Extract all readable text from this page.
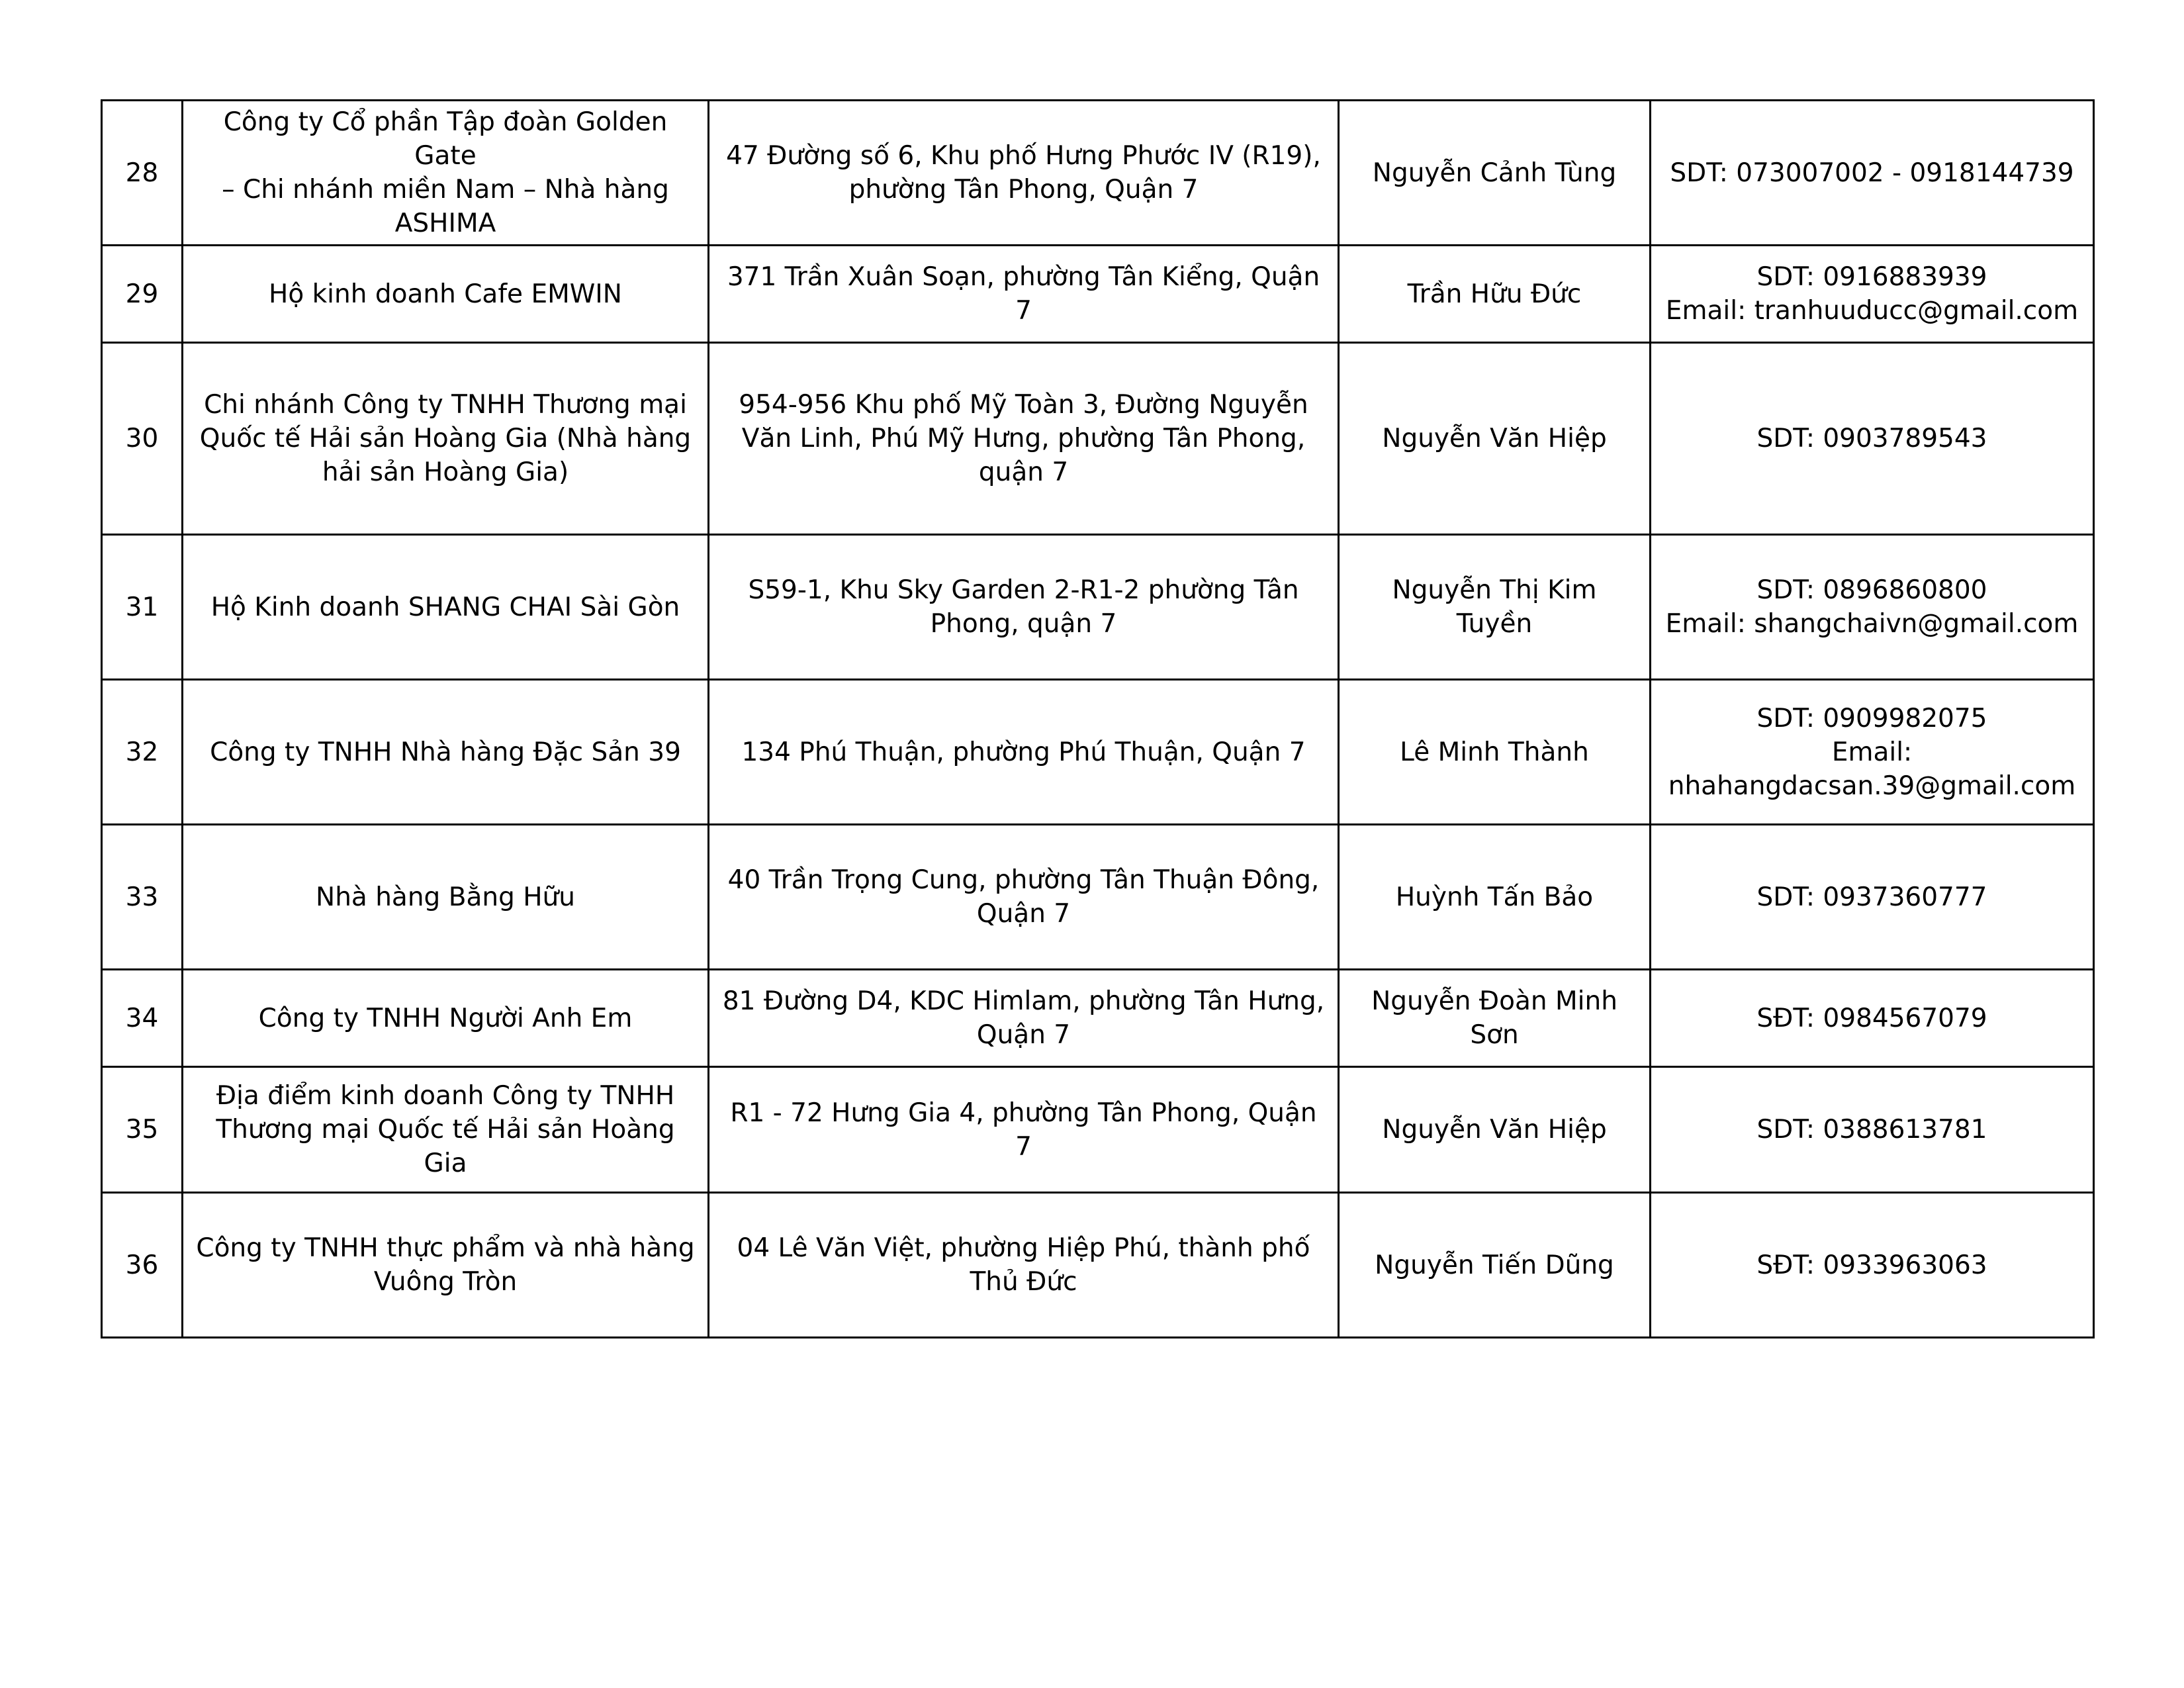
28	Công ty Cổ phần Tập đoàn Golden Gate
– Chi nhánh miền Nam – Nhà hàng
ASHIMA	47 Đường số 6, Khu phố Hưng Phước IV (R19),
phường Tân Phong, Quận 7	Nguyễn Cảnh Tùng	SDT: 073007002 - 0918144739
29	Hộ kinh doanh Cafe EMWIN	371 Trần Xuân Soạn, phường Tân Kiểng, Quận 7	Trần Hữu Đức	SDT: 0916883939
Email: tranhuuducc@gmail.com
30	Chi nhánh Công ty TNHH Thương mại
Quốc tế Hải sản Hoàng Gia (Nhà hàng
hải sản Hoàng Gia)	954-956 Khu phố Mỹ Toàn 3, Đường Nguyễn
Văn Linh, Phú Mỹ Hưng, phường Tân Phong,
quận 7	Nguyễn Văn Hiệp	SDT: 0903789543
31	Hộ Kinh doanh SHANG CHAI Sài Gòn	S59-1, Khu Sky Garden 2-R1-2 phường Tân
Phong, quận 7	Nguyễn Thị Kim Tuyền	SDT: 0896860800
Email: shangchaivn@gmail.com
32	Công ty TNHH Nhà hàng Đặc Sản 39	134 Phú Thuận, phường Phú Thuận, Quận 7	Lê Minh Thành	SDT: 0909982075
Email:
nhahangdacsan.39@gmail.com
33	Nhà hàng Bằng Hữu	40 Trần Trọng Cung, phường Tân Thuận Đông,
Quận 7	Huỳnh Tấn Bảo	SDT: 0937360777
34	Công ty TNHH Người Anh Em	81 Đường D4, KDC Himlam, phường Tân Hưng,
Quận 7	Nguyễn Đoàn Minh
Sơn	SĐT: 0984567079
35	Địa điểm kinh doanh Công ty TNHH
Thương mại Quốc tế Hải sản Hoàng Gia	R1 - 72 Hưng Gia 4, phường Tân Phong, Quận 7	Nguyễn Văn Hiệp	SDT: 0388613781
36	Công ty TNHH thực phẩm và nhà hàng
Vuông Tròn	04 Lê Văn Việt, phường Hiệp Phú, thành phố
Thủ Đức	Nguyễn Tiến Dũng	SĐT: 0933963063
